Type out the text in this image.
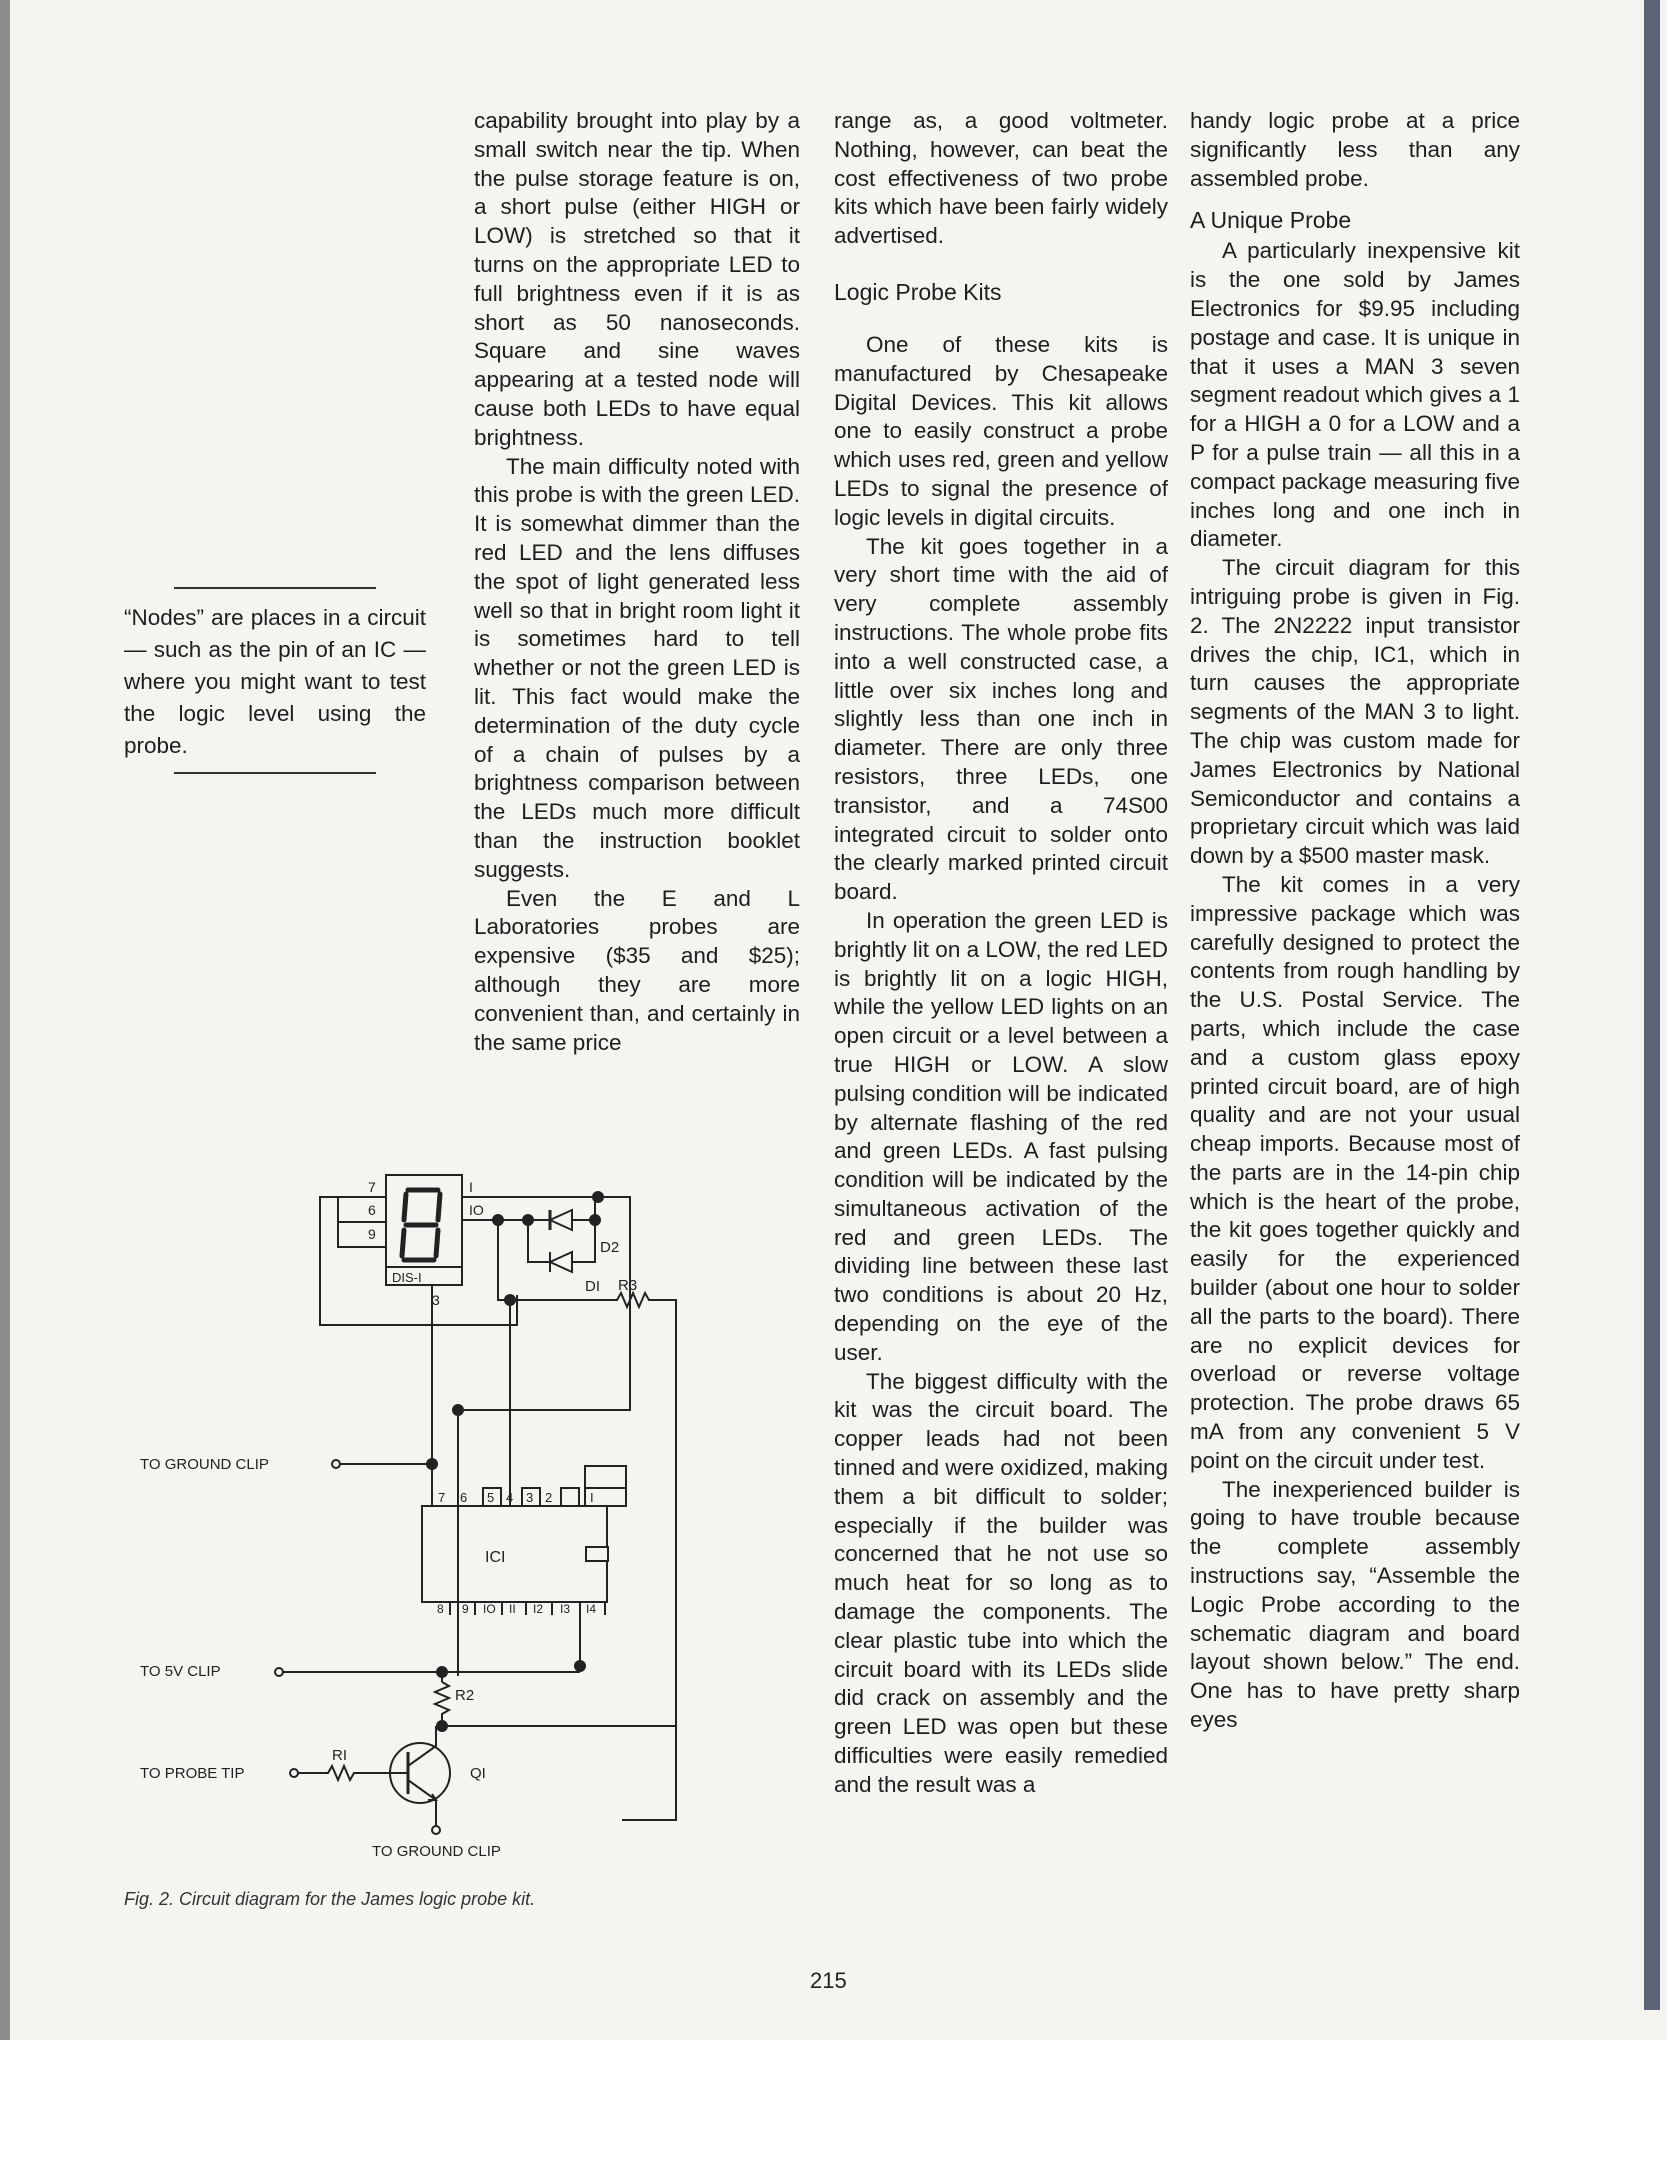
“Nodes” are places in a circuit — such as the pin of an IC — where you might want to test the logic level using the probe.

capability brought into play by a small switch near the tip. When the pulse storage feature is on, a short pulse (either HIGH or LOW) is stretched so that it turns on the appropriate LED to full brightness even if it is as short as 50 nanoseconds. Square and sine waves appearing at a tested node will cause both LEDs to have equal brightness.

The main difficulty noted with this probe is with the green LED. It is somewhat dimmer than the red LED and the lens diffuses the spot of light generated less well so that in bright room light it is sometimes hard to tell whether or not the green LED is lit. This fact would make the determination of the duty cycle of a chain of pulses by a brightness comparison between the LEDs much more difficult than the instruction booklet suggests.

Even the E and L Laboratories probes are expensive ($35 and $25); although they are more convenient than, and certainly in the same price

range as, a good voltmeter. Nothing, however, can beat the cost effectiveness of two probe kits which have been fairly widely advertised.

Logic Probe Kits

One of these kits is manufactured by Chesapeake Digital Devices. This kit allows one to easily construct a probe which uses red, green and yellow LEDs to signal the presence of logic levels in digital circuits.

The kit goes together in a very short time with the aid of very complete assembly instructions. The whole probe fits into a well constructed case, a little over six inches long and slightly less than one inch in diameter. There are only three resistors, three LEDs, one transistor, and a 74S00 integrated circuit to solder onto the clearly marked printed circuit board.

In operation the green LED is brightly lit on a LOW, the red LED is brightly lit on a logic HIGH, while the yellow LED lights on an open circuit or a level between a true HIGH or LOW. A slow pulsing condition will be indicated by alternate flashing of the red and green LEDs. A fast pulsing condition will be indicated by the simultaneous activation of the red and green LEDs. The dividing line between these last two conditions is about 20 Hz, depending on the eye of the user.

The biggest difficulty with the kit was the circuit board. The copper leads had not been tinned and were oxidized, making them a bit difficult to solder; especially if the builder was concerned that he not use so much heat for so long as to damage the components. The clear plastic tube into which the circuit board with its LEDs slide did crack on assembly and the green LED was open but these difficulties were easily remedied and the result was a

handy logic probe at a price significantly less than any assembled probe.

A Unique Probe

A particularly inexpensive kit is the one sold by James Electronics for $9.95 including postage and case. It is unique in that it uses a MAN 3 seven segment readout which gives a 1 for a HIGH a 0 for a LOW and a P for a pulse train — all this in a compact package measuring five inches long and one inch in diameter.

The circuit diagram for this intriguing probe is given in Fig. 2. The 2N2222 input transistor drives the chip, IC1, which in turn causes the appropriate segments of the MAN 3 to light. The chip was custom made for James Electronics by National Semiconductor and contains a proprietary circuit which was laid down by a $500 master mask.

The kit comes in a very impressive package which was carefully designed to protect the contents from rough handling by the U.S. Postal Service. The parts, which include the case and a custom glass epoxy printed circuit board, are of high quality and are not your usual cheap imports. Because most of the parts are in the 14-pin chip which is the heart of the probe, the kit goes together quickly and easily for the experienced builder (about one hour to solder all the parts to the board). There are no explicit devices for overload or reverse voltage protection. The probe draws 65 mA from any convenient 5 V point on the circuit under test.

The inexperienced builder is going to have trouble because the complete assembly instructions say, “Assemble the Logic Probe according to the schematic diagram and board layout shown below.” The end. One has to have pretty sharp eyes

DIS-I
7
6
9
I
IO
3
D2
DI R3
TO GROUND CLIP
ICI
7 6 5 4 3 2	I
8 9 IO II I2 I3 I4
TO 5V CLIP
R2
QI
TO PROBE TIP
RI
TO GROUND CLIP

Fig. 2. Circuit diagram for the James logic probe kit.

215
